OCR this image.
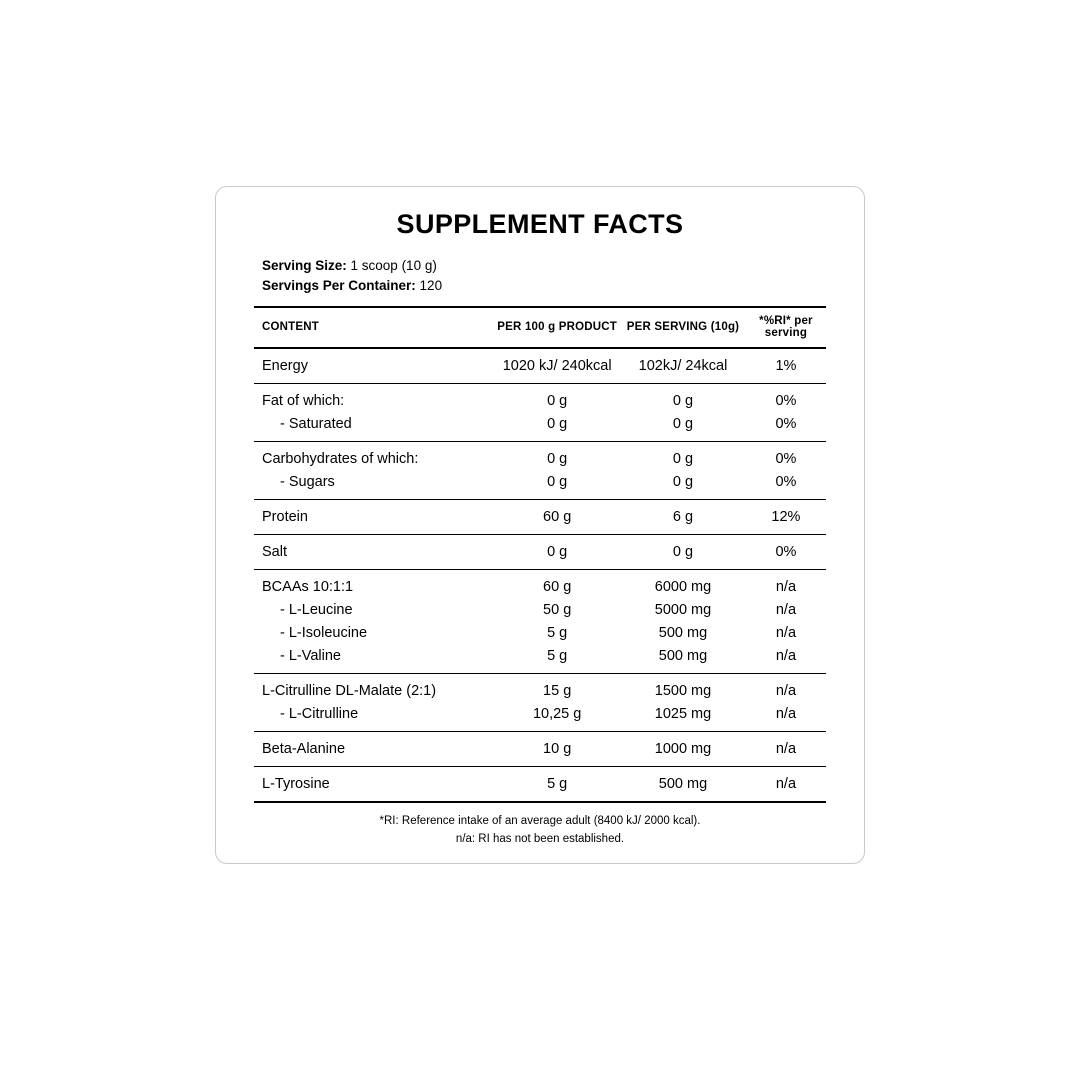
SUPPLEMENT FACTS
Serving Size: 1 scoop (10 g)
Servings Per Container: 120
CONTENT	PER 100 g PRODUCT	PER SERVING (10g)	*%RI* per serving
Energy	1020 kJ/ 240kcal	102kJ/ 24kcal	1%
Fat of which:	0 g	0 g	0%
- Saturated	0 g	0 g	0%
Carbohydrates of which:	0 g	0 g	0%
- Sugars	0 g	0 g	0%
Protein	60 g	6 g	12%
Salt	0 g	0 g	0%
BCAAs 10:1:1	60 g	6000 mg	n/a
- L-Leucine	50 g	5000 mg	n/a
- L-Isoleucine	5 g	500 mg	n/a
- L-Valine	5 g	500 mg	n/a
L-Citrulline DL-Malate (2:1)	15 g	1500 mg	n/a
- L-Citrulline	10,25 g	1025 mg	n/a
Beta-Alanine	10 g	1000 mg	n/a
L-Tyrosine	5 g	500 mg	n/a
*RI: Reference intake of an average adult (8400 kJ/ 2000 kcal).
n/a: RI has not been established.
